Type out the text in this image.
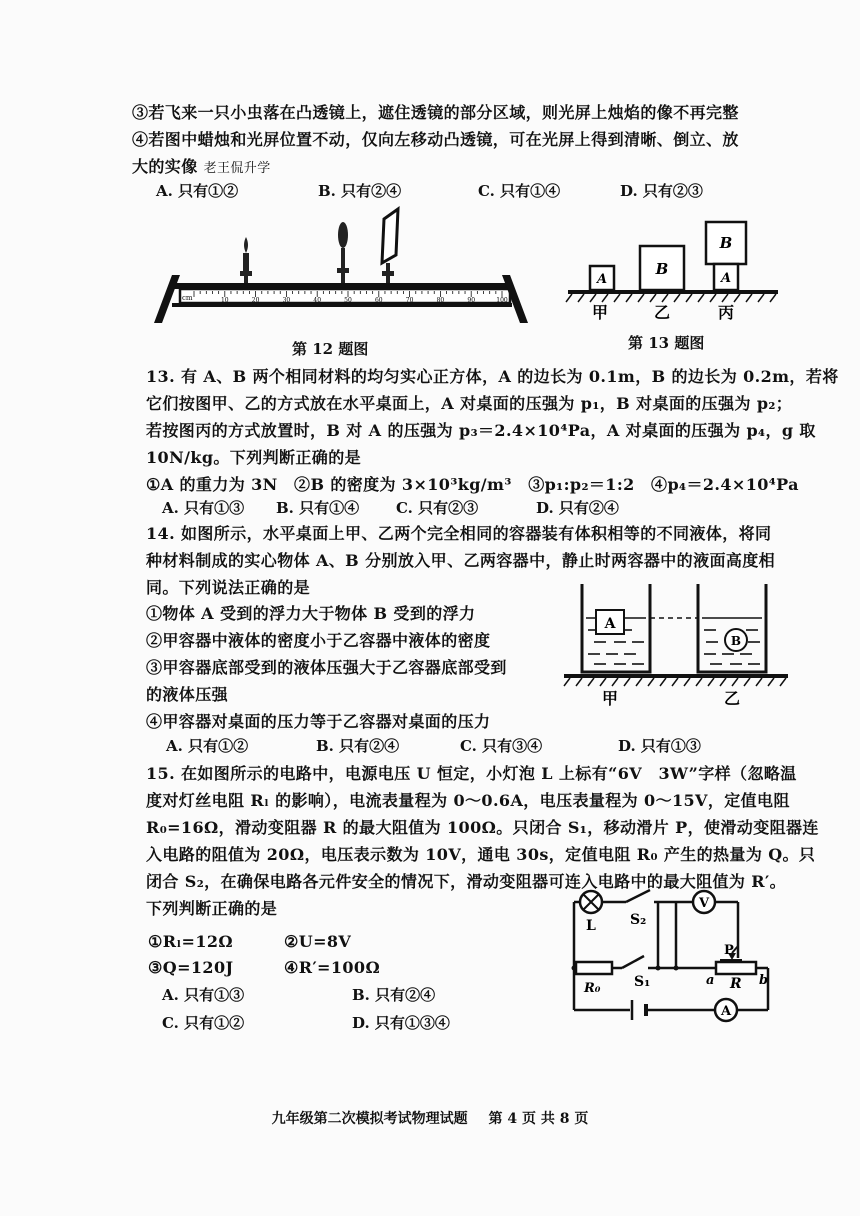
③若飞来一只小虫落在凸透镜上，遮住透镜的部分区域，则光屏上烛焰的像不再完整
④若图中蜡烛和光屏位置不动，仅向左移动凸透镜，可在光屏上得到清晰、倒立、放
大的实像 老王侃升学
A. 只有①②	B. 只有②④	C. 只有①④	D. 只有②③
10	20	30	40	50	60	70	80	90	100
cm
第 12 题图
A
B
B
A
甲	乙	丙
第 13 题图
13. 有 A、B 两个相同材料的均匀实心正方体，A 的边长为 0.1m，B 的边长为 0.2m，若将
它们按图甲、乙的方式放在水平桌面上，A 对桌面的压强为 p₁，B 对桌面的压强为 p₂；
若按图丙的方式放置时，B 对 A 的压强为 p₃＝2.4×10⁴Pa，A 对桌面的压强为 p₄，g 取
10N/kg。下列判断正确的是
①A 的重力为 3N　②B 的密度为 3×10³kg/m³　③p₁:p₂＝1:2　④p₄＝2.4×10⁴Pa
A. 只有①③ B. 只有①④ C. 只有②③	D. 只有②④
14. 如图所示，水平桌面上甲、乙两个完全相同的容器装有体积相等的不同液体，将同
种材料制成的实心物体 A、B 分别放入甲、乙两容器中，静止时两容器中的液面高度相
同。下列说法正确的是
①物体 A 受到的浮力大于物体 B 受到的浮力
②甲容器中液体的密度小于乙容器中液体的密度
③甲容器底部受到的液体压强大于乙容器底部受到
的液体压强
④甲容器对桌面的压力等于乙容器对桌面的压力
A. 只有①②	B. 只有②④	C. 只有③④	D. 只有①③
A
B
甲	乙
15. 在如图所示的电路中，电源电压 U 恒定，小灯泡 L 上标有“6V　3W”字样（忽略温
度对灯丝电阻 Rₗ 的影响），电流表量程为 0～0.6A，电压表量程为 0～15V，定值电阻
R₀=16Ω，滑动变阻器 R 的最大阻值为 100Ω。只闭合 S₁，移动滑片 P，使滑动变阻器连
入电路的阻值为 20Ω，电压表示数为 10V，通电 30s，定值电阻 R₀ 产生的热量为 Q。只
闭合 S₂，在确保电路各元件安全的情况下，滑动变阻器可连入电路中的最大阻值为 R′。
下列判断正确的是
①Rₗ=12Ω	②U=8V
③Q=120J	④R′=100Ω
A. 只有①③	B. 只有②④
C. 只有①②	D. 只有①③④
V
A
L S₂
R₀ S₁	a R b
P
九年级第二次模拟考试物理试题 第 4 页 共 8 页
